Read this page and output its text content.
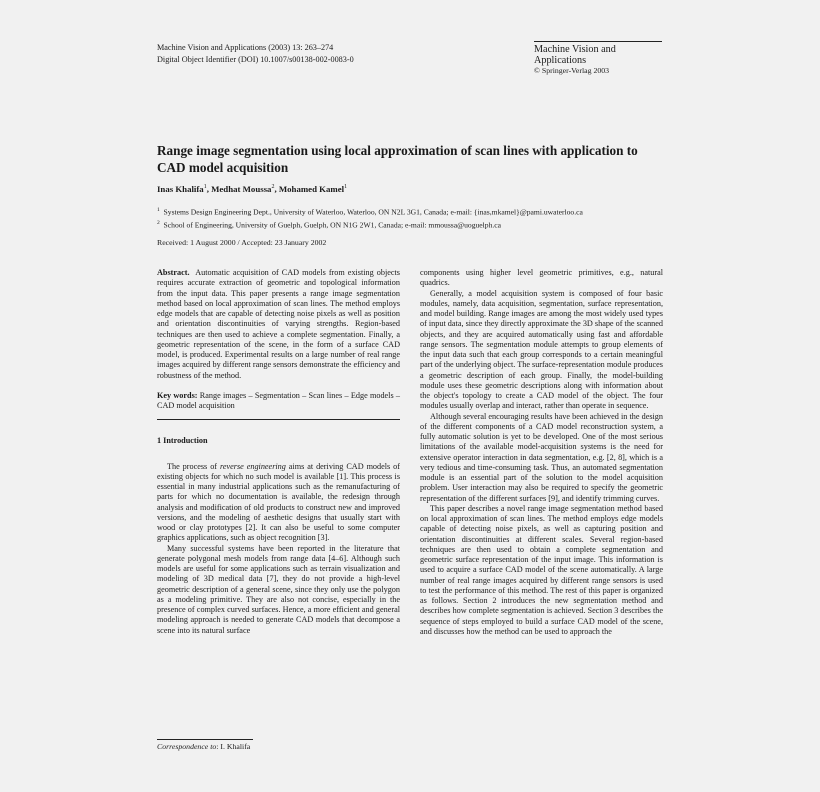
Machine Vision and Applications (2003) 13: 263–274
Digital Object Identifier (DOI) 10.1007/s00138-002-0083-0
Machine Vision and
Applications
© Springer-Verlag 2003
Range image segmentation using local approximation of scan lines with application to CAD model acquisition
Inas Khalifa$^1$, Medhat Moussa$^2$, Mohamed Kamel$^1$
$^1$ Systems Design Engineering Dept., University of Waterloo, Waterloo, ON N2L 3G1, Canada; e-mail: {inas,mkamel}@pami.uwaterloo.ca
$^2$ School of Engineering, University of Guelph, Guelph, ON N1G 2W1, Canada; e-mail: mmoussa@uoguelph.ca
Received: 1 August 2000 / Accepted: 23 January 2002

Abstract. Automatic acquisition of CAD models from existing objects requires accurate extraction of geometric and topological information from the input data. This paper presents a range image segmentation method based on local approximation of scan lines. The method employs edge models that are capable of detecting noise pixels as well as position and orientation discontinuities of varying strengths. Region-based techniques are then used to achieve a complete segmentation. Finally, a geometric representation of the scene, in the form of a surface CAD model, is produced. Experimental results on a large number of real range images acquired by different range sensors demonstrate the efficiency and robustness of the method.

Key words: Range images – Segmentation – Scan lines – Edge models – CAD model acquisition

1 Introduction

The process of reverse engineering aims at deriving CAD models of existing objects for which no such model is available [1]. This process is essential in many industrial applications such as the remanufacturing of parts for which no documentation is available, the redesign through analysis and modification of old products to construct new and improved versions, and the modeling of aesthetic designs that usually start with wood or clay prototypes [2]. It can also be useful to some computer graphics applications, such as object recognition [3].

Many successful systems have been reported in the literature that generate polygonal mesh models from range data [4–6]. Although such models are useful for some applications such as terrain visualization and modeling of 3D medical data [7], they do not provide a high-level geometric description of a general scene, since they only use the polygon as a modeling primitive. They are also not concise, especially in the presence of complex curved surfaces. Hence, a more efficient and general modeling approach is needed to generate CAD models that decompose a scene into its natural surface

components using higher level geometric primitives, e.g., natural quadrics.

Generally, a model acquisition system is composed of four basic modules, namely, data acquisition, segmentation, surface representation, and model building. Range images are among the most widely used types of input data, since they directly approximate the 3D shape of the scanned objects, and they are acquired automatically using fast and affordable range sensors. The segmentation module attempts to group elements of the input data such that each group corresponds to a certain meaningful part of the underlying object. The surface-representation module produces a geometric description of each group. Finally, the model-building module uses these geometric descriptions along with information about the object's topology to create a CAD model of the object. The four modules usually overlap and interact, rather than operate in sequence.

Although several encouraging results have been achieved in the design of the different components of a CAD model reconstruction system, a fully automatic solution is yet to be developed. One of the most serious limitations of the available model-acquisition systems is the need for extensive operator interaction in data segmentation, e.g. [2, 8], which is a very tedious and time-consuming task. Thus, an automated segmentation module is an essential part of the solution to the model acquisition problem. User interaction may also be required to specify the geometric representation of the different surfaces [9], and identify trimming curves.

This paper describes a novel range image segmentation method based on local approximation of scan lines. The method employs edge models capable of detecting noise pixels, as well as capturing position and orientation discontinuities at different scales. Several region-based techniques are then used to obtain a complete segmentation and geometric surface representation of the input image. This information is used to acquire a surface CAD model of the scene automatically. A large number of real range images acquired by different range sensors is used to test the performance of this method. The rest of this paper is organized as follows. Section 2 introduces the new segmentation method and describes how complete segmentation is achieved. Section 3 describes the sequence of steps employed to build a surface CAD model of the scene, and discusses how the method can be used to approach the

Correspondence to: I. Khalifa
